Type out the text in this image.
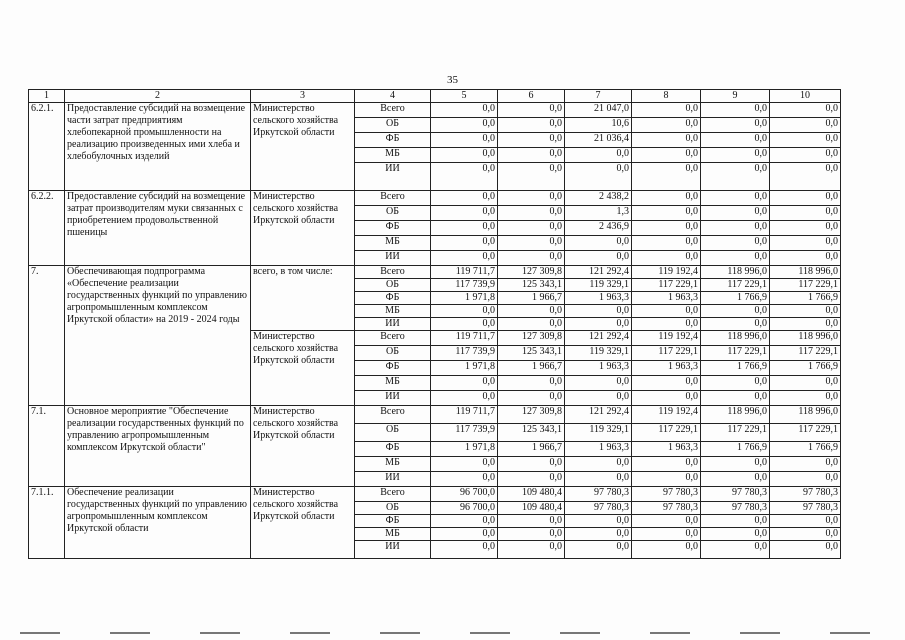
35
1	2	3	4	5	6	7	8	9	10
6.2.1.	Предоставление субсидий на возмещение части затрат предприятиям хлебопекарной промышленности на реализацию произведенных ими хлеба и хлебобулочных изделий	Министерство сельского хозяйства Иркутской области	Всего	0,0	0,0	21 047,0	0,0	0,0	0,0
			ОБ	0,0	0,0	10,6	0,0	0,0	0,0
			ФБ	0,0	0,0	21 036,4	0,0	0,0	0,0
			МБ	0,0	0,0	0,0	0,0	0,0	0,0
			ИИ	0,0	0,0	0,0	0,0	0,0	0,0
6.2.2.	Предоставление субсидий на возмещение затрат производителям муки связанных с приобретением продовольственной пшеницы	Министерство сельского хозяйства Иркутской области	Всего	0,0	0,0	2 438,2	0,0	0,0	0,0
			ОБ	0,0	0,0	1,3	0,0	0,0	0,0
			ФБ	0,0	0,0	2 436,9	0,0	0,0	0,0
			МБ	0,0	0,0	0,0	0,0	0,0	0,0
			ИИ	0,0	0,0	0,0	0,0	0,0	0,0
7.	Обеспечивающая подпрограмма «Обеспечение реализации государственных функций по управлению агропромышленным комплексом Иркутской области» на 2019 - 2024 годы	всего, в том числе:	Всего	119 711,7	127 309,8	121 292,4	119 192,4	118 996,0	118 996,0
			ОБ	117 739,9	125 343,1	119 329,1	117 229,1	117 229,1	117 229,1
			ФБ	1 971,8	1 966,7	1 963,3	1 963,3	1 766,9	1 766,9
			МБ	0,0	0,0	0,0	0,0	0,0	0,0
			ИИ	0,0	0,0	0,0	0,0	0,0	0,0
		Министерство сельского хозяйства Иркутской области	Всего	119 711,7	127 309,8	121 292,4	119 192,4	118 996,0	118 996,0
			ОБ	117 739,9	125 343,1	119 329,1	117 229,1	117 229,1	117 229,1
			ФБ	1 971,8	1 966,7	1 963,3	1 963,3	1 766,9	1 766,9
			МБ	0,0	0,0	0,0	0,0	0,0	0,0
			ИИ	0,0	0,0	0,0	0,0	0,0	0,0
7.1.	Основное мероприятие "Обеспечение реализации государственных функций по управлению агропромышленным комплексом Иркутской области"	Министерство сельского хозяйства Иркутской области	Всего	119 711,7	127 309,8	121 292,4	119 192,4	118 996,0	118 996,0
			ОБ	117 739,9	125 343,1	119 329,1	117 229,1	117 229,1	117 229,1
			ФБ	1 971,8	1 966,7	1 963,3	1 963,3	1 766,9	1 766,9
			МБ	0,0	0,0	0,0	0,0	0,0	0,0
			ИИ	0,0	0,0	0,0	0,0	0,0	0,0
7.1.1.	Обеспечение реализации государственных функций по управлению агропромышленным комплексом Иркутской области	Министерство сельского хозяйства Иркутской области	Всего	96 700,0	109 480,4	97 780,3	97 780,3	97 780,3	97 780,3
			ОБ	96 700,0	109 480,4	97 780,3	97 780,3	97 780,3	97 780,3
			ФБ	0,0	0,0	0,0	0,0	0,0	0,0
			МБ	0,0	0,0	0,0	0,0	0,0	0,0
			ИИ	0,0	0,0	0,0	0,0	0,0	0,0
